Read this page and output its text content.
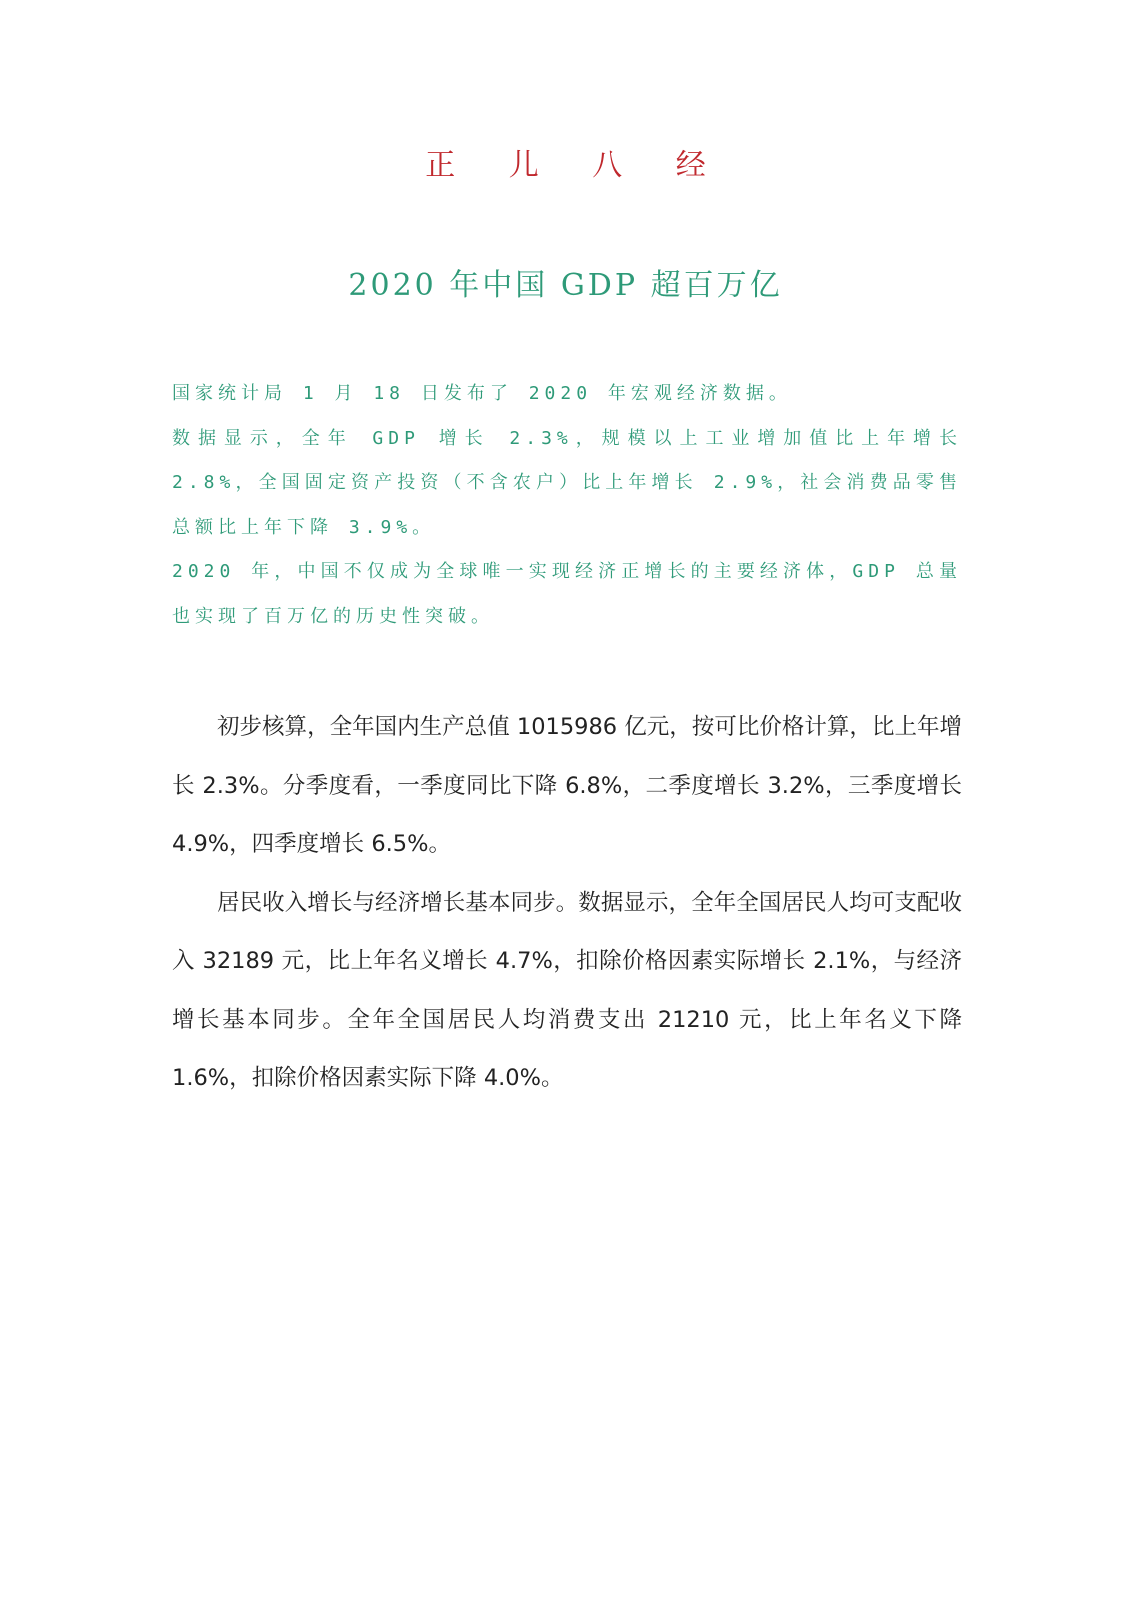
正 儿 八 经
2020 年中国 GDP 超百万亿

国家统计局 1 月 18 日发布了 2020 年宏观经济数据。

数据显示，全年 GDP 增长 2.3%，规模以上工业增加值比上年增长 2.8%，全国固定资产投资（不含农户）比上年增长 2.9%，社会消费品零售总额比上年下降 3.9%。

2020 年，中国不仅成为全球唯一实现经济正增长的主要经济体，GDP 总量也实现了百万亿的历史性突破。

初步核算，全年国内生产总值 1015986 亿元，按可比价格计算，比上年增长 2.3%。分季度看，一季度同比下降 6.8%，二季度增长 3.2%，三季度增长 4.9%，四季度增长 6.5%。

居民收入增长与经济增长基本同步。数据显示，全年全国居民人均可支配收入 32189 元，比上年名义增长 4.7%，扣除价格因素实际增长 2.1%，与经济增长基本同步。全年全国居民人均消费支出 21210 元，比上年名义下降 1.6%，扣除价格因素实际下降 4.0%。
